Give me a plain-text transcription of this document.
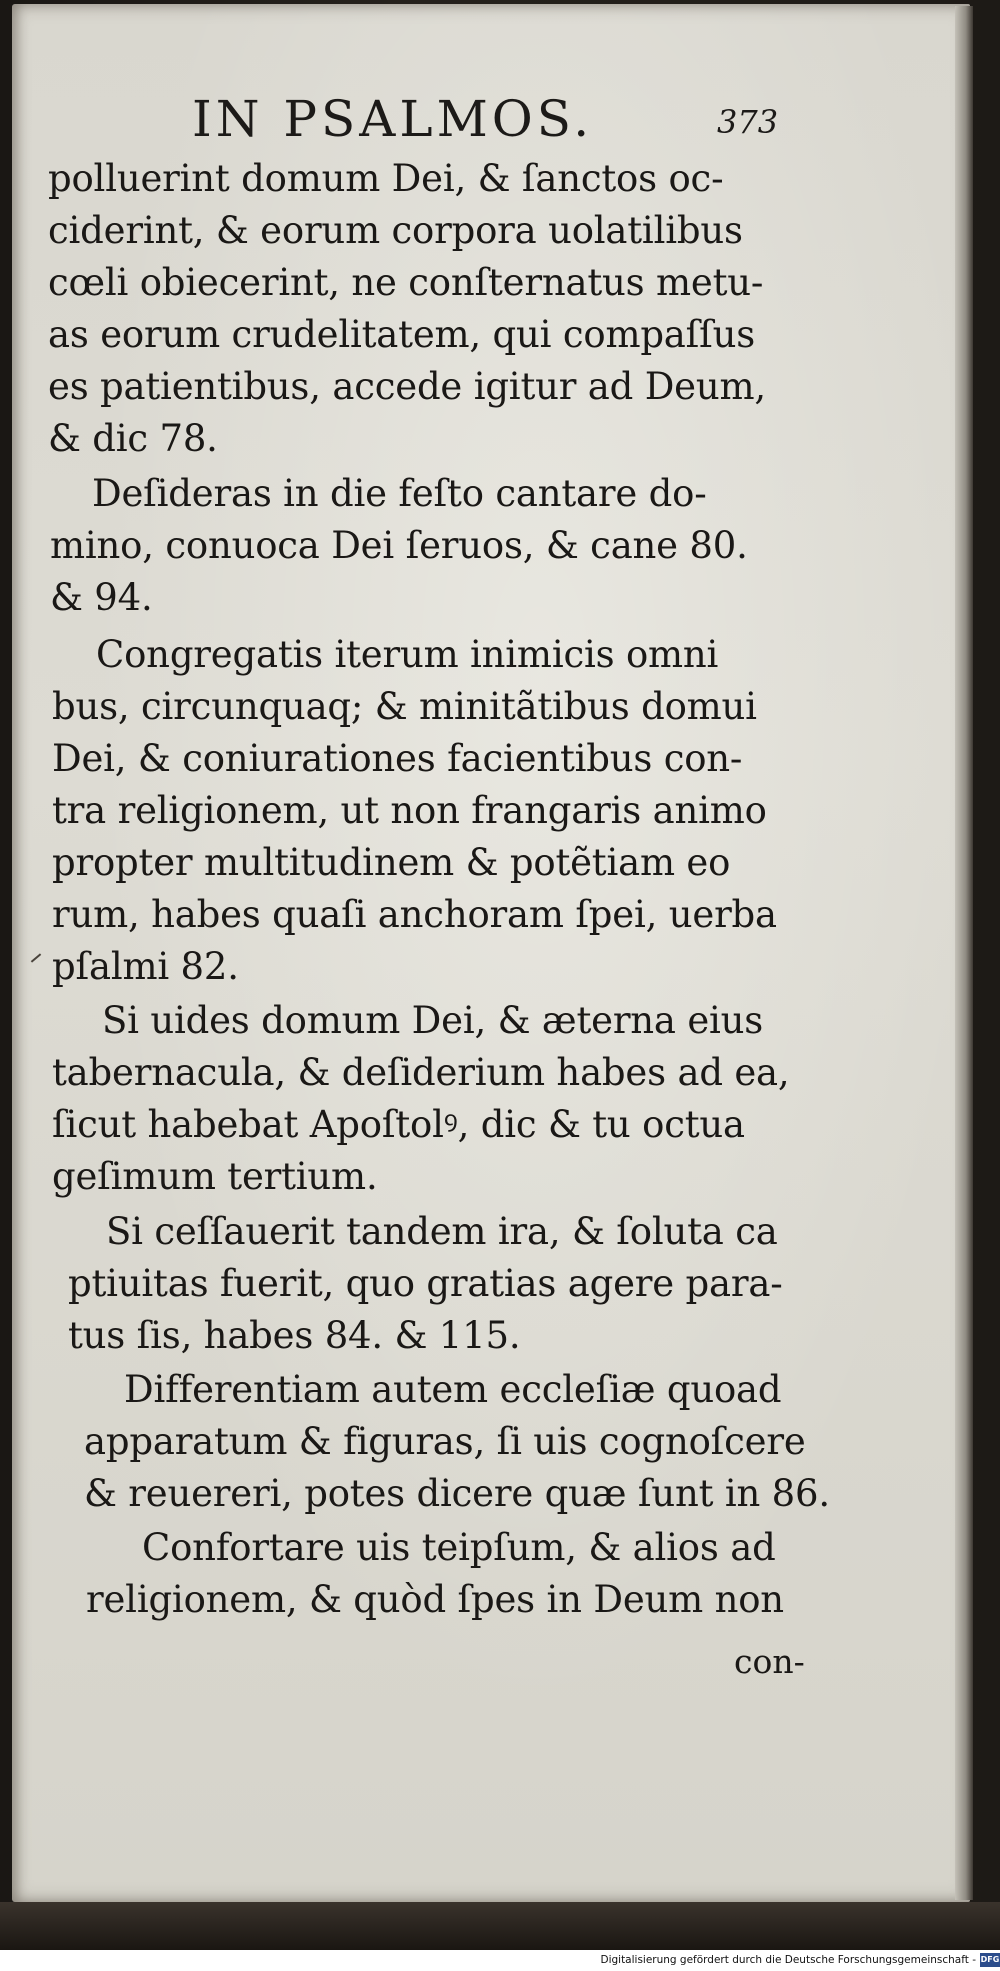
IN PSALMOS.	373
polluerint domum Dei, & ſanctos oc-
ciderint, & eorum corpora uolatilibus
cœli obiecerint, ne conſternatus metu-
as eorum crudelitatem, qui compaſſus
es patientibus, accede igitur ad Deum,
& dic 78.
Deſideras in die feſto cantare do-
mino, conuoca Dei ſeruos, & cane 80.
& 94.
Congregatis iterum inimicis omni
bus, circunquaq; & minitãtibus domui
Dei, & coniurationes facientibus con-
tra religionem, ut non frangaris animo
propter multitudinem & potẽtiam eo
rum, habes quaſi anchoram ſpei, uerba
pſalmi 82.
Si uides domum Dei, & æterna eius
tabernacula, & deſiderium habes ad ea,
ſicut habebat Apoſtolꝰ, dic & tu octua
geſimum tertium.
Si ceſſauerit tandem ira, & ſoluta ca
ptiuitas fuerit, quo gratias agere para-
tus ſis, habes 84. & 115.
Differentiam autem eccleſiæ quoad
apparatum & figuras, ſi uis cognoſcere
& reuereri, potes dicere quæ ſunt in 86.
Confortare uis teipſum, & alios ad
religionem, & quòd ſpes in Deum non
con-
Digitalisierung gefördert durch die Deutsche Forschungsgemeinschaft - DFG
